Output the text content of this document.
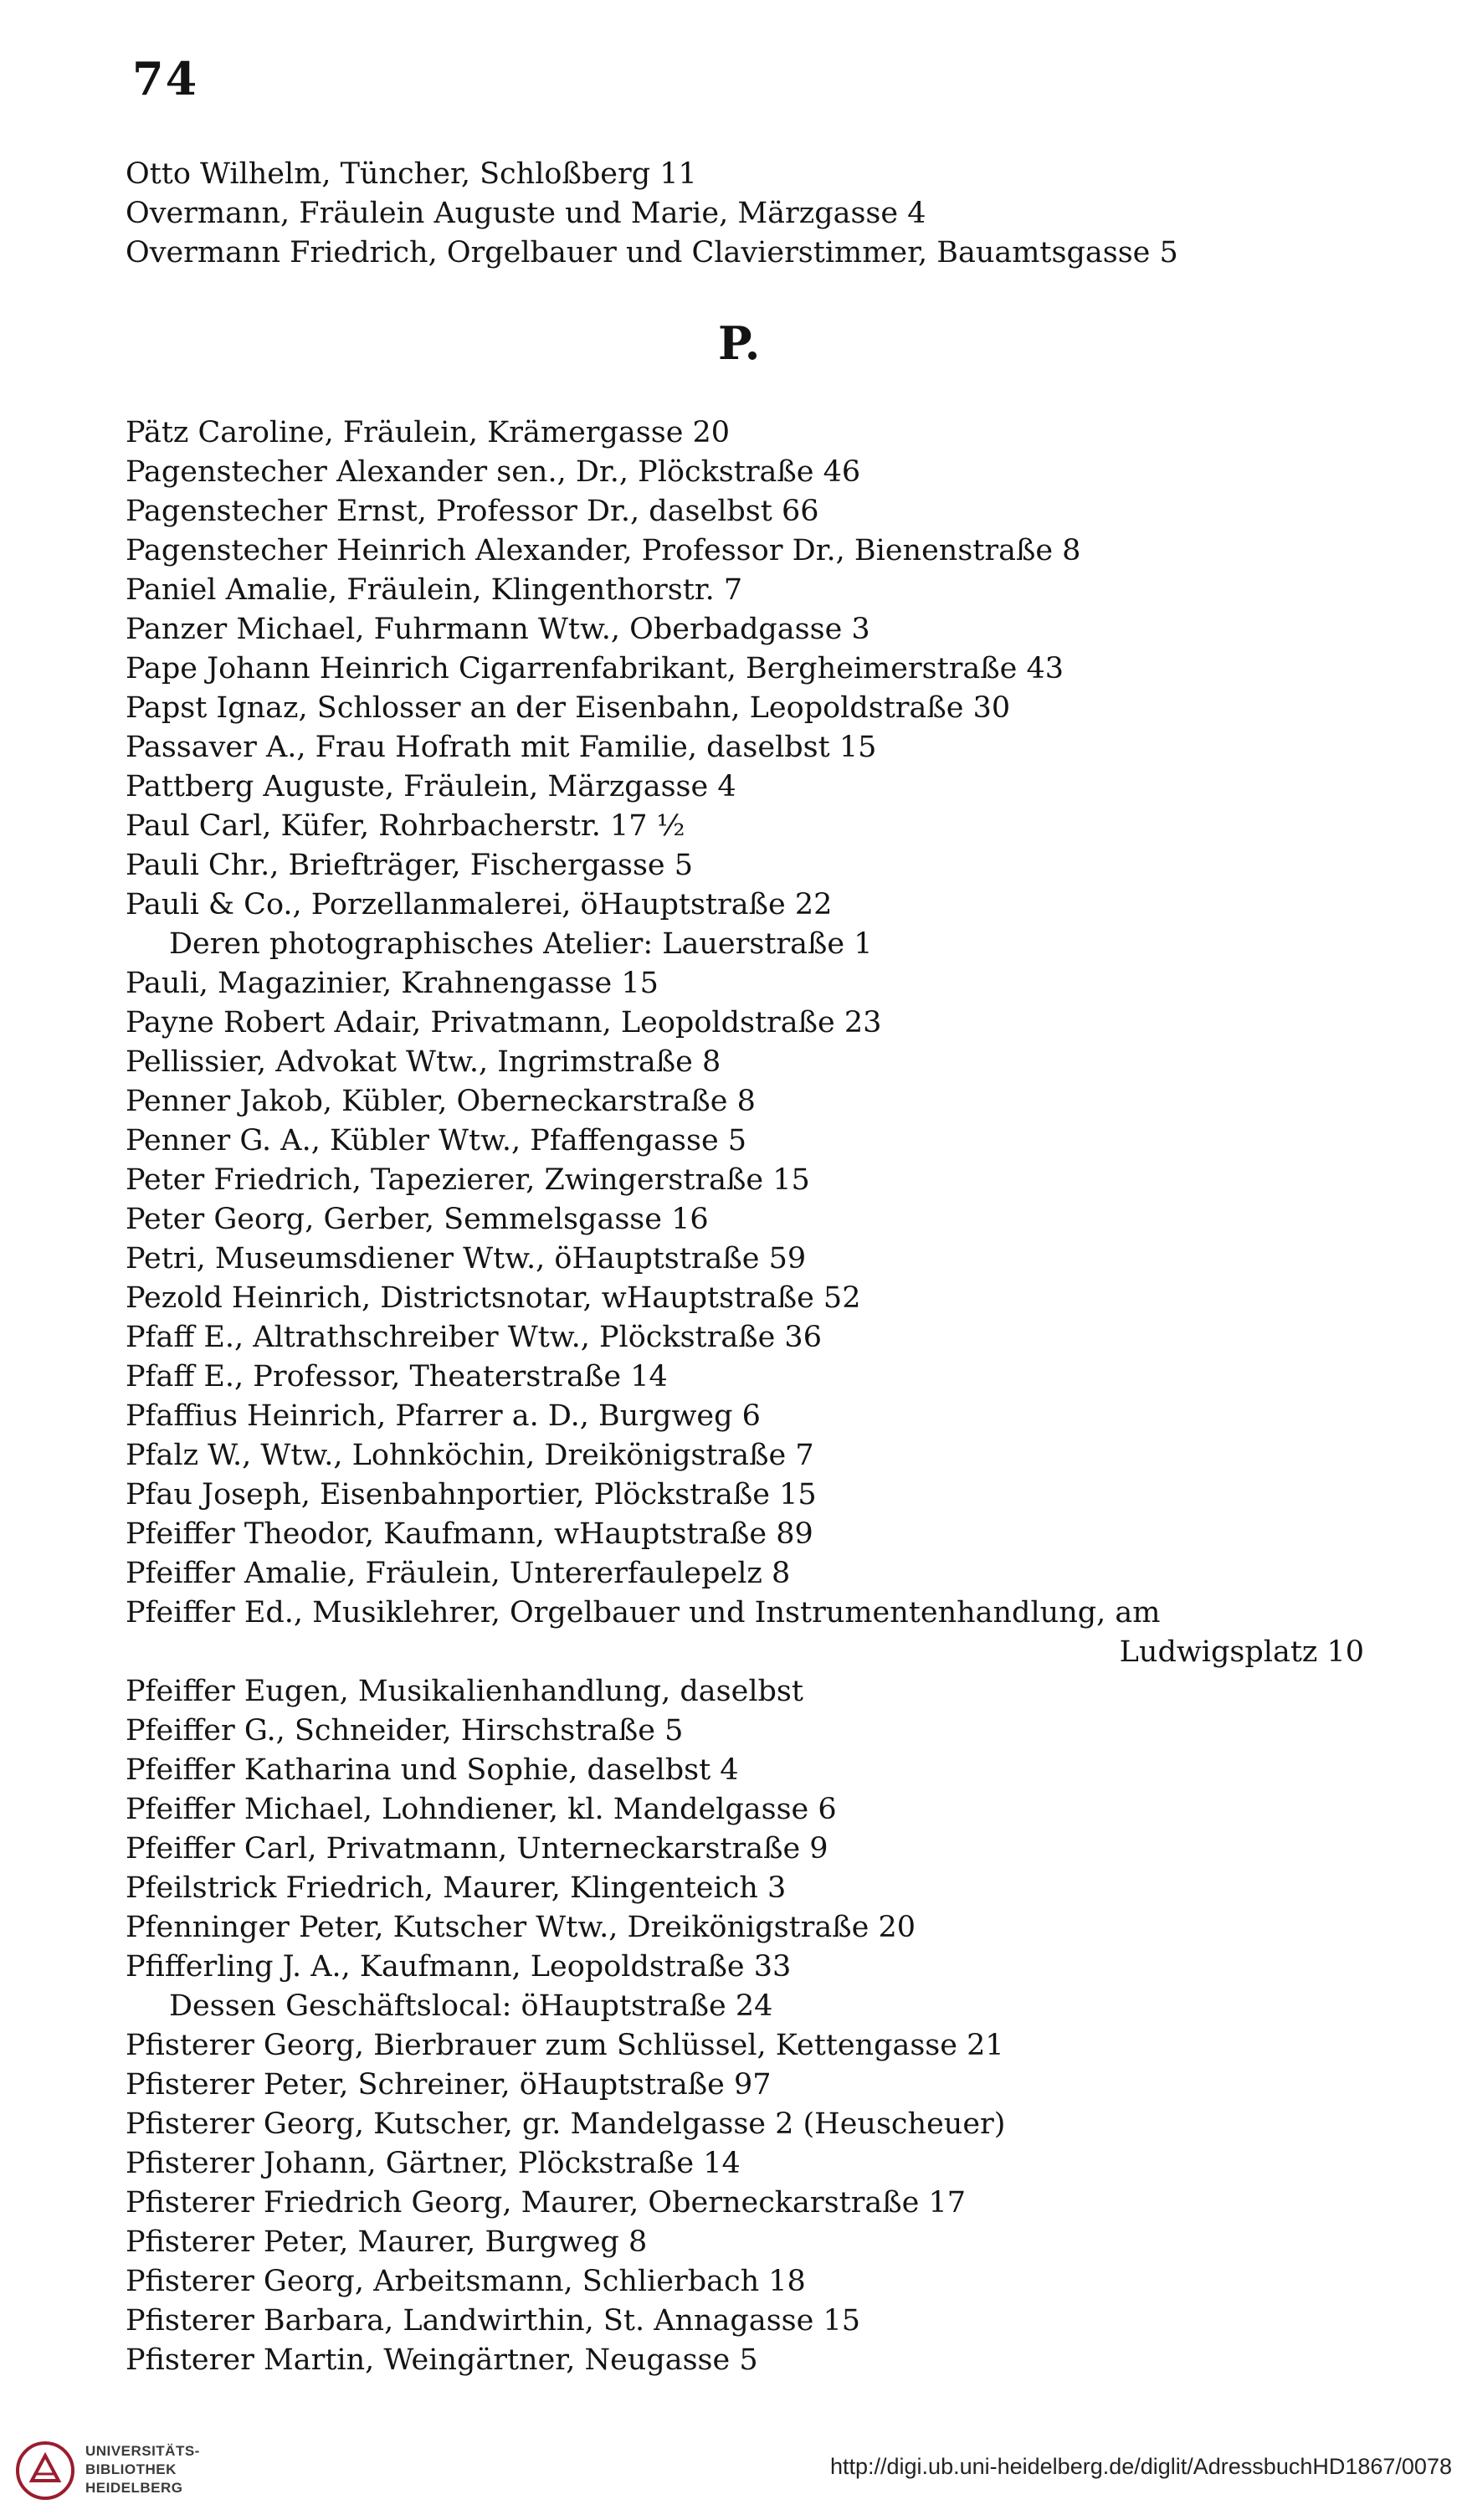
74
Otto Wilhelm, Tüncher, Schloßberg 11
Overmann, Fräulein Auguste und Marie, Märzgasse 4
Overmann Friedrich, Orgelbauer und Clavierstimmer, Bauamtsgasse 5
Pätz Caroline, Fräulein, Krämergasse 20
Pagenstecher Alexander sen., Dr., Plöckstraße 46
Pagenstecher Ernst, Professor Dr., daselbst 66
Pagenstecher Heinrich Alexander, Professor Dr., Bienenstraße 8
Paniel Amalie, Fräulein, Klingenthorstr. 7
Panzer Michael, Fuhrmann Wtw., Oberbadgasse 3
Pape Johann Heinrich Cigarrenfabrikant, Bergheimerstraße 43
Papst Ignaz, Schlosser an der Eisenbahn, Leopoldstraße 30
Passaver A., Frau Hofrath mit Familie, daselbst 15
Pattberg Auguste, Fräulein, Märzgasse 4
Paul Carl, Küfer, Rohrbacherstr. 17 ½
Pauli Chr., Briefträger, Fischergasse 5
Pauli & Co., Porzellanmalerei, öHauptstraße 22
Deren photographisches Atelier: Lauerstraße 1
Pauli, Magazinier, Krahnengasse 15
Payne Robert Adair, Privatmann, Leopoldstraße 23
Pellissier, Advokat Wtw., Ingrimstraße 8
Penner Jakob, Kübler, Oberneckarstraße 8
Penner G. A., Kübler Wtw., Pfaffengasse 5
Peter Friedrich, Tapezierer, Zwingerstraße 15
Peter Georg, Gerber, Semmelsgasse 16
Petri, Museumsdiener Wtw., öHauptstraße 59
Pezold Heinrich, Districtsnotar, wHauptstraße 52
Pfaff E., Altrathschreiber Wtw., Plöckstraße 36
Pfaff E., Professor, Theaterstraße 14
Pfaffius Heinrich, Pfarrer a. D., Burgweg 6
Pfalz W., Wtw., Lohnköchin, Dreikönigstraße 7
Pfau Joseph, Eisenbahnportier, Plöckstraße 15
Pfeiffer Theodor, Kaufmann, wHauptstraße 89
Pfeiffer Amalie, Fräulein, Untererfaulepelz 8
Pfeiffer Ed., Musiklehrer, Orgelbauer und Instrumentenhandlung, am
Ludwigsplatz 10
Pfeiffer Eugen, Musikalienhandlung, daselbst
Pfeiffer G., Schneider, Hirschstraße 5
Pfeiffer Katharina und Sophie, daselbst 4
Pfeiffer Michael, Lohndiener, kl. Mandelgasse 6
Pfeiffer Carl, Privatmann, Unterneckarstraße 9
Pfeilstrick Friedrich, Maurer, Klingenteich 3
Pfenninger Peter, Kutscher Wtw., Dreikönigstraße 20
Pfifferling J. A., Kaufmann, Leopoldstraße 33
Dessen Geschäftslocal: öHauptstraße 24
Pfisterer Georg, Bierbrauer zum Schlüssel, Kettengasse 21
Pfisterer Peter, Schreiner, öHauptstraße 97
Pfisterer Georg, Kutscher, gr. Mandelgasse 2 (Heuscheuer)
Pfisterer Johann, Gärtner, Plöckstraße 14
Pfisterer Friedrich Georg, Maurer, Oberneckarstraße 17
Pfisterer Peter, Maurer, Burgweg 8
Pfisterer Georg, Arbeitsmann, Schlierbach 18
Pfisterer Barbara, Landwirthin, St. Annagasse 15
Pfisterer Martin, Weingärtner, Neugasse 5
P.
UNIVERSITÄTS-
BIBLIOTHEK
HEIDELBERG
http://digi.ub.uni-heidelberg.de/diglit/AdressbuchHD1867/0078
